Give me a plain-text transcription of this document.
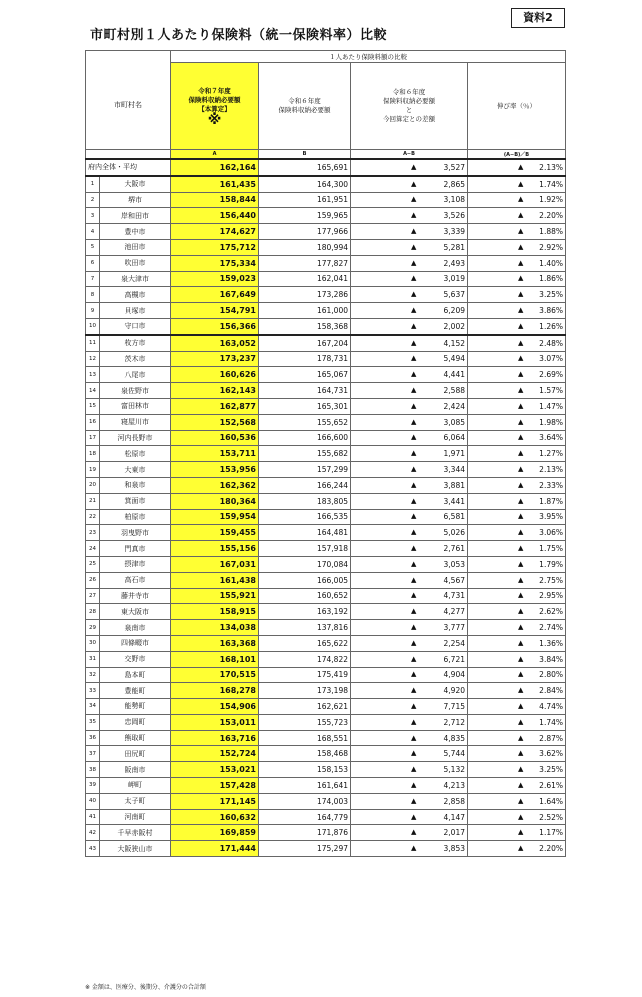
資料2
市町村別１人あたり保険料（統一保険料率）比較
		１人あたり保険料額の比較			
市町村名		令和７年度
保険料収納必要額
【本算定】
※	令和６年度
保険料収納必要額	令和６年度
保険料収納必要額
と
今回算定との差額	伸び率（％）
		A	B	A−B	(A−B)／B
府内全体・平均		162,164	165,691	▲ 3,527	▲ 2.13%
1	大阪市	161,435	164,300	▲ 2,865	▲ 1.74%
2	堺市	158,844	161,951	▲ 3,108	▲ 1.92%
3	岸和田市	156,440	159,965	▲ 3,526	▲ 2.20%
4	豊中市	174,627	177,966	▲ 3,339	▲ 1.88%
5	池田市	175,712	180,994	▲ 5,281	▲ 2.92%
6	吹田市	175,334	177,827	▲ 2,493	▲ 1.40%
7	泉大津市	159,023	162,041	▲ 3,019	▲ 1.86%
8	高槻市	167,649	173,286	▲ 5,637	▲ 3.25%
9	貝塚市	154,791	161,000	▲ 6,209	▲ 3.86%
10	守口市	156,366	158,368	▲ 2,002	▲ 1.26%
11	枚方市	163,052	167,204	▲ 4,152	▲ 2.48%
12	茨木市	173,237	178,731	▲ 5,494	▲ 3.07%
13	八尾市	160,626	165,067	▲ 4,441	▲ 2.69%
14	泉佐野市	162,143	164,731	▲ 2,588	▲ 1.57%
15	富田林市	162,877	165,301	▲ 2,424	▲ 1.47%
16	寝屋川市	152,568	155,652	▲ 3,085	▲ 1.98%
17	河内長野市	160,536	166,600	▲ 6,064	▲ 3.64%
18	松原市	153,711	155,682	▲ 1,971	▲ 1.27%
19	大東市	153,956	157,299	▲ 3,344	▲ 2.13%
20	和泉市	162,362	166,244	▲ 3,881	▲ 2.33%
21	箕面市	180,364	183,805	▲ 3,441	▲ 1.87%
22	柏原市	159,954	166,535	▲ 6,581	▲ 3.95%
23	羽曳野市	159,455	164,481	▲ 5,026	▲ 3.06%
24	門真市	155,156	157,918	▲ 2,761	▲ 1.75%
25	摂津市	167,031	170,084	▲ 3,053	▲ 1.79%
26	高石市	161,438	166,005	▲ 4,567	▲ 2.75%
27	藤井寺市	155,921	160,652	▲ 4,731	▲ 2.95%
28	東大阪市	158,915	163,192	▲ 4,277	▲ 2.62%
29	泉南市	134,038	137,816	▲ 3,777	▲ 2.74%
30	四條畷市	163,368	165,622	▲ 2,254	▲ 1.36%
31	交野市	168,101	174,822	▲ 6,721	▲ 3.84%
32	島本町	170,515	175,419	▲ 4,904	▲ 2.80%
33	豊能町	168,278	173,198	▲ 4,920	▲ 2.84%
34	能勢町	154,906	162,621	▲ 7,715	▲ 4.74%
35	忠岡町	153,011	155,723	▲ 2,712	▲ 1.74%
36	熊取町	163,716	168,551	▲ 4,835	▲ 2.87%
37	田尻町	152,724	158,468	▲ 5,744	▲ 3.62%
38	阪南市	153,021	158,153	▲ 5,132	▲ 3.25%
39	岬町	157,428	161,641	▲ 4,213	▲ 2.61%
40	太子町	171,145	174,003	▲ 2,858	▲ 1.64%
41	河南町	160,632	164,779	▲ 4,147	▲ 2.52%
42	千早赤阪村	169,859	171,876	▲ 2,017	▲ 1.17%
43	大阪狭山市	171,444	175,297	▲ 3,853	▲ 2.20%
※ 金額は、医療分、後期分、介護分の合計額
